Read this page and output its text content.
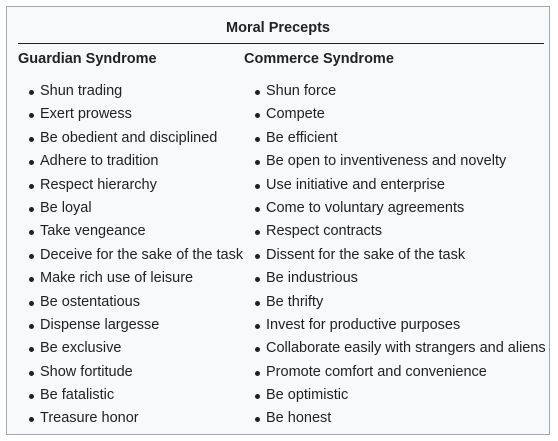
Moral Precepts
Guardian Syndrome
Shun trading
Exert prowess
Be obedient and disciplined
Adhere to tradition
Respect hierarchy
Be loyal
Take vengeance
Deceive for the sake of the task
Make rich use of leisure
Be ostentatious
Dispense largesse
Be exclusive
Show fortitude
Be fatalistic
Treasure honor
Commerce Syndrome
Shun force
Compete
Be efficient
Be open to inventiveness and novelty
Use initiative and enterprise
Come to voluntary agreements
Respect contracts
Dissent for the sake of the task
Be industrious
Be thrifty
Invest for productive purposes
Collaborate easily with strangers and aliens
Promote comfort and convenience
Be optimistic
Be honest
